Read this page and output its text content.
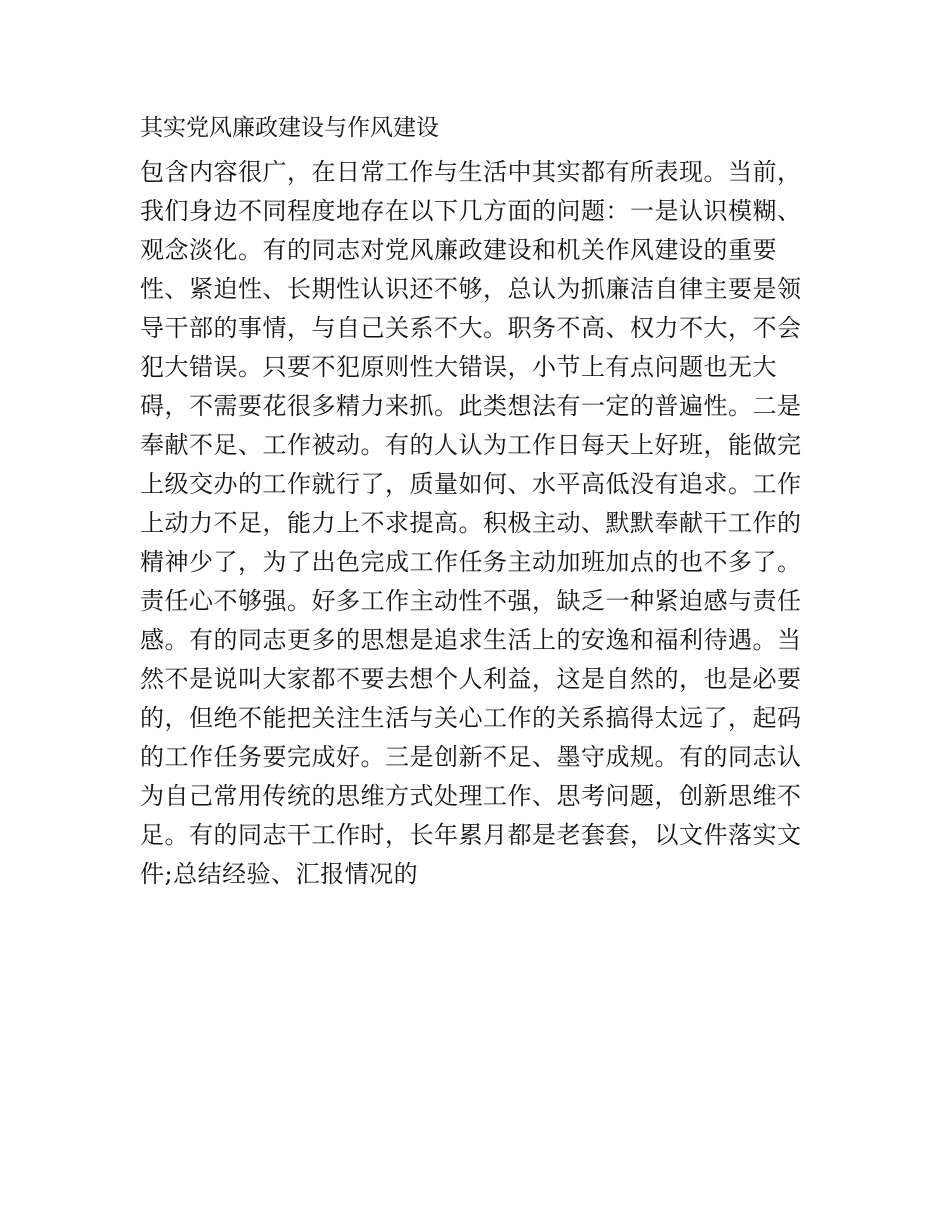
其实党风廉政建设与作风建设
包含内容很广，在日常工作与生活中其实都有所表现。当前，
我们身边不同程度地存在以下几方面的问题：一是认识模糊、
观念淡化。有的同志对党风廉政建设和机关作风建设的重要
性、紧迫性、长期性认识还不够，总认为抓廉洁自律主要是领
导干部的事情，与自己关系不大。职务不高、权力不大，不会
犯大错误。只要不犯原则性大错误，小节上有点问题也无大
碍，不需要花很多精力来抓。此类想法有一定的普遍性。二是
奉献不足、工作被动。有的人认为工作日每天上好班，能做完
上级交办的工作就行了，质量如何、水平高低没有追求。工作
上动力不足，能力上不求提高。积极主动、默默奉献干工作的
精神少了，为了出色完成工作任务主动加班加点的也不多了。
责任心不够强。好多工作主动性不强，缺乏一种紧迫感与责任
感。有的同志更多的思想是追求生活上的安逸和福利待遇。当
然不是说叫大家都不要去想个人利益，这是自然的，也是必要
的，但绝不能把关注生活与关心工作的关系搞得太远了，起码
的工作任务要完成好。三是创新不足、墨守成规。有的同志认
为自己常用传统的思维方式处理工作、思考问题，创新思维不
足。有的同志干工作时，长年累月都是老套套，以文件落实文
件;总结经验、汇报情况的
